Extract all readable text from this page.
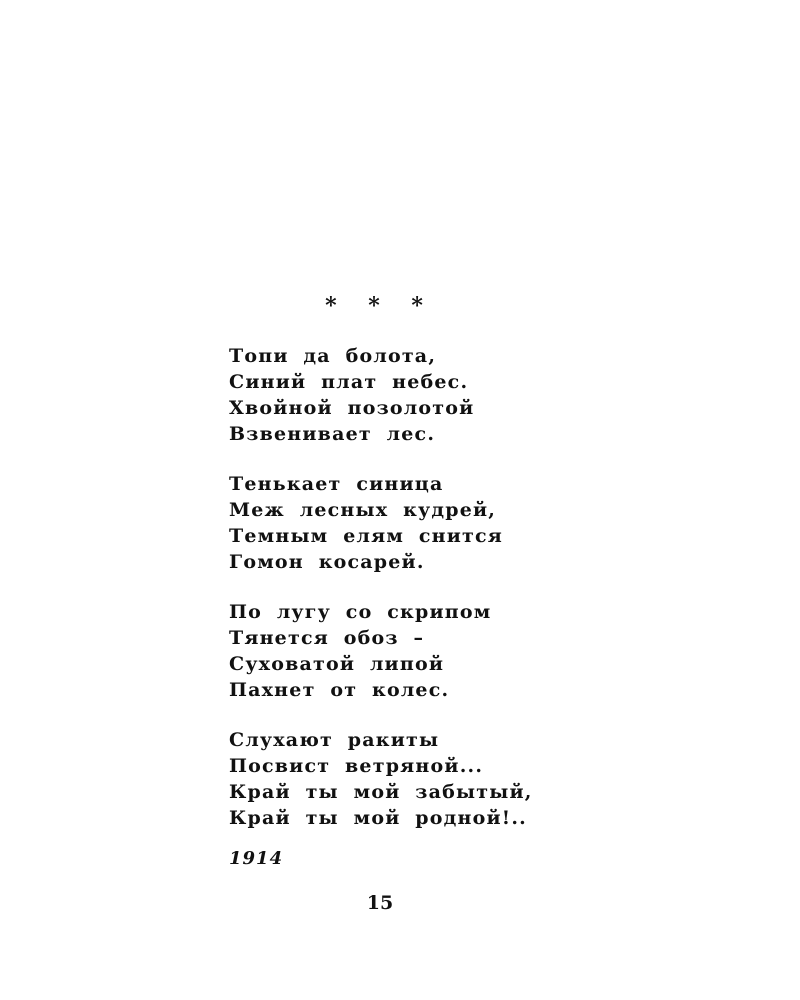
* * *
Топи да болота,
Синий плат небес.
Хвойной позолотой
Взвенивает лес.
Тенькает синица
Меж лесных кудрей,
Темным елям снится
Гомон косарей.
По лугу со скрипом
Тянется обоз –
Суховатой липой
Пахнет от колес.
Слухают ракиты
Посвист ветряной...
Край ты мой забытый,
Край ты мой родной!..
1914
15
